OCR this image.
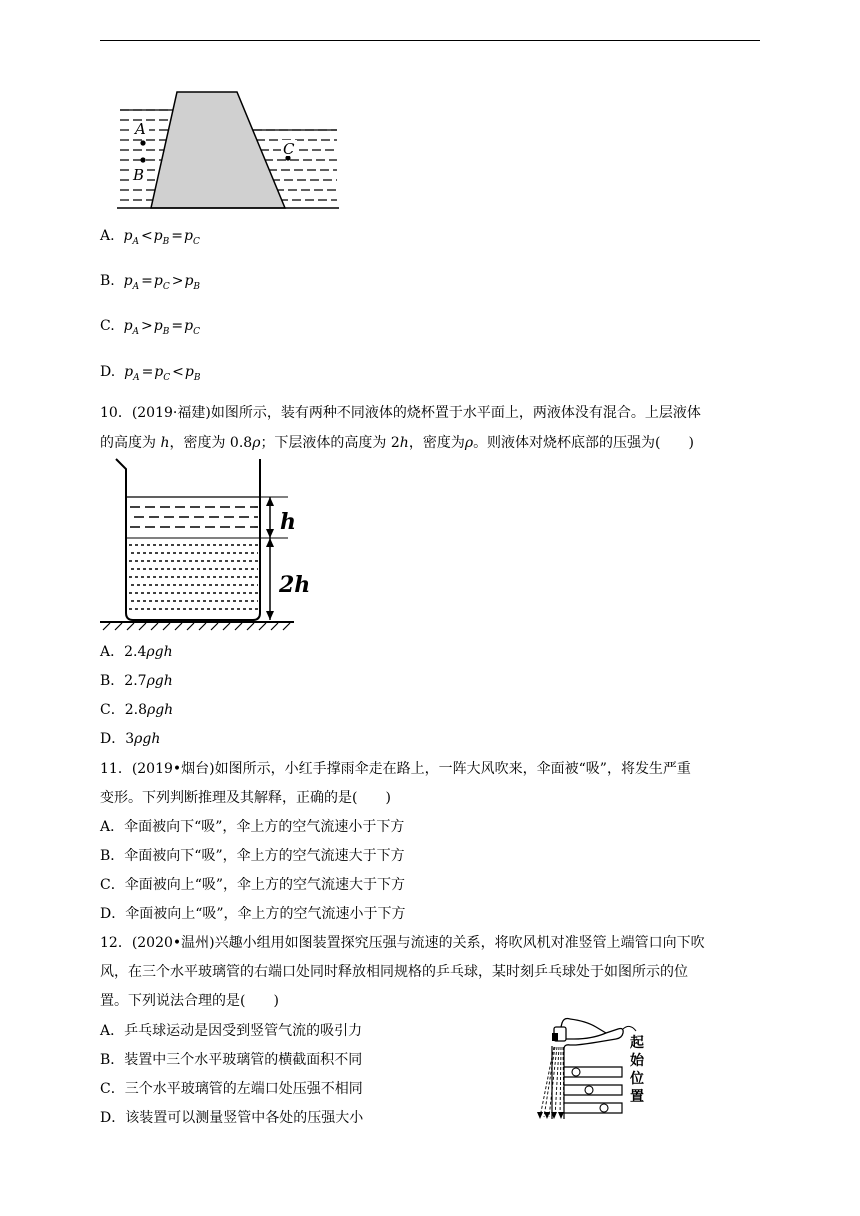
A
B
C
A. $p_A <p_B =p_C$
B. $p_A =p_C >p_B$
C. $p_A >p_B =p_C$
D. $p_A =p_C <p_B$
10．(2019·福建)如图所示，装有两种不同液体的烧杯置于水平面上，两液体没有混合。上层液体
的高度为 h，密度为 0.8ρ；下层液体的高度为 2h，密度为ρ。则液体对烧杯底部的压强为(　　)
h
2h
A．2.4ρgh
B．2.7ρgh
C．2.8ρgh
D．3ρgh
11．(2019•烟台)如图所示，小红手撑雨伞走在路上，一阵大风吹来，伞面被“吸”，将发生严重
变形。下列判断推理及其解释，正确的是(　　)
A．伞面被向下“吸”，伞上方的空气流速小于下方
B．伞面被向下“吸”，伞上方的空气流速大于下方
C．伞面被向上“吸”，伞上方的空气流速大于下方
D．伞面被向上“吸”，伞上方的空气流速小于下方
12．(2020•温州)兴趣小组用如图装置探究压强与流速的关系，将吹风机对准竖管上端管口向下吹
风，在三个水平玻璃管的右端口处同时释放相同规格的乒乓球，某时刻乒乓球处于如图所示的位
置。下列说法合理的是(　　)
A．乒乓球运动是因受到竖管气流的吸引力
B．装置中三个水平玻璃管的横截面积不同
C．三个水平玻璃管的左端口处压强不相同
D．该装置可以测量竖管中各处的压强大小
起
始
位
置
